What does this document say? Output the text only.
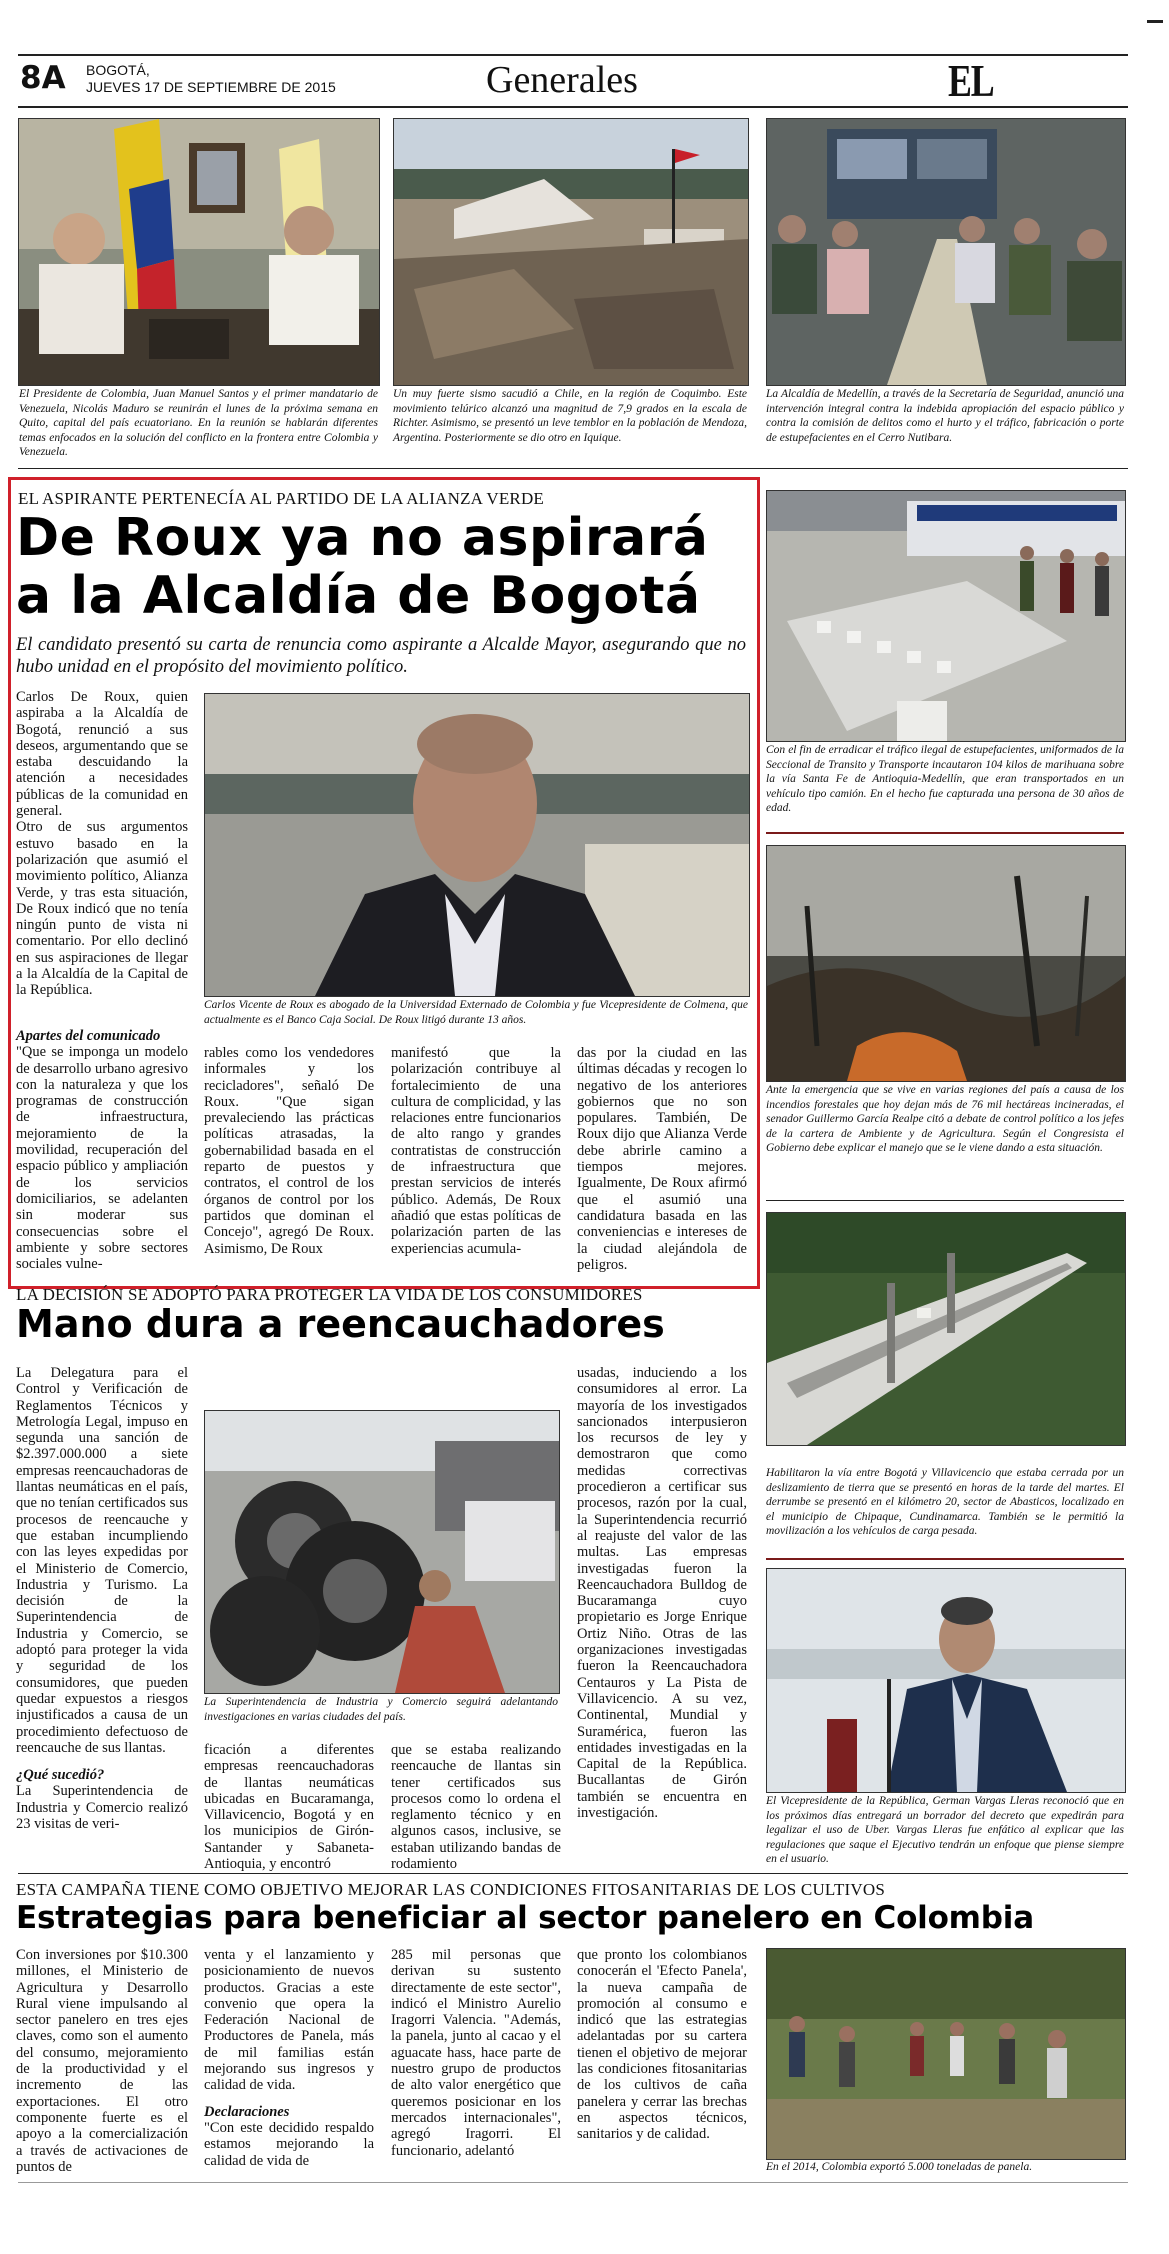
8A BOGOTÁ,
JUEVES 17 DE SEPTIEMBRE DE 2015	Generales	EL
El Presidente de Colombia, Juan Manuel Santos y el primer mandatario de Venezuela, Nicolás Maduro se reunirán el lunes de la próxima semana en Quito, capital del país ecuatoriano. En la reunión se hablarán diferentes temas enfocados en la solución del conflicto en la frontera entre Colombia y Venezuela.
Un muy fuerte sismo sacudió a Chile, en la región de Coquimbo. Este movimiento telúrico alcanzó una magnitud de 7,9 grados en la escala de Richter. Asimismo, se presentó un leve temblor en la población de Mendoza, Argentina. Posteriormente se dio otro en Iquique.
La Alcaldía de Medellín, a través de la Secretaría de Seguridad, anunció una intervención integral contra la indebida apropiación del espacio público y contra la comisión de delitos como el hurto y el tráfico, fabricación o porte de estupefacientes en el Cerro Nutibara.
EL ASPIRANTE PERTENECÍA AL PARTIDO DE LA ALIANZA VERDE
De Roux ya no aspirará
a la Alcaldía de Bogotá
El candidato presentó su carta de renuncia como aspirante a Alcalde Mayor, asegurando que no hubo unidad en el propósito del movimiento político.

Carlos De Roux, quien aspiraba a la Alcaldía de Bogotá, renunció a sus deseos, argumentando que se estaba descuidando la atención a necesidades públicas de la comunidad en general.

Otro de sus argumentos estuvo basado en la polarización que asumió el movimiento político, Alianza Verde, y tras esta situación, De Roux indicó que no tenía ningún punto de vista ni comentario. Por ello declinó en sus aspiraciones de llegar a la Alcaldía de la Capital de la República.

Carlos Vicente de Roux es abogado de la Universidad Externado de Colombia y fue Vicepresidente de Colmena, que actualmente es el Banco Caja Social. De Roux litigó durante 13 años.

Apartes del comunicado

"Que se imponga un modelo de desarrollo urbano agresivo con la naturaleza y que los programas de construcción de infraestructura, mejoramiento de la movilidad, recuperación del espacio público y ampliación de los servicios domiciliarios, se adelanten sin moderar sus consecuencias sobre el ambiente y sobre sectores sociales vulne-

rables como los vendedores informales y los recicladores", señaló De Roux. "Que sigan prevaleciendo las prácticas políticas atrasadas, la gobernabilidad basada en el reparto de puestos y contratos, el control de los órganos de control por los partidos que dominan el Concejo", agregó De Roux. Asimismo, De Roux
manifestó que la polarización contribuye al fortalecimiento de una cultura de complicidad, y las relaciones entre funcionarios de alto rango y grandes contratistas de construcción de infraestructura que prestan servicios de interés público. Además, De Roux añadió que estas políticas de polarización parten de las experiencias acumula-
das por la ciudad en las últimas décadas y recogen lo negativo de los anteriores gobiernos que no son populares. También, De Roux dijo que Alianza Verde debe abrirle camino a tiempos mejores. Igualmente, De Roux afirmó que el asumió una candidatura basada en las conveniencias e intereses de la ciudad alejándola de peligros.
LA DECISIÓN SE ADOPTÓ PARA PROTEGER LA VIDA DE LOS CONSUMIDORES
Mano dura a reencauchadores

La Delegatura para el Control y Verificación de Reglamentos Técnicos y Metrología Legal, impuso en segunda una sanción de $2.397.000.000 a siete empresas reencauchadoras de llantas neumáticas en el país, que no tenían certificados sus procesos de reencauche y que estaban incumpliendo con las leyes expedidas por el Ministerio de Comercio, Industria y Turismo. La decisión de la Superintendencia de Industria y Comercio, se adoptó para proteger la vida y seguridad de los consumidores, que pueden quedar expuestos a riesgos injustificados a causa de un procedimiento defectuoso de reencauche de sus llantas.

¿Qué sucedió?

La Superintendencia de Industria y Comercio realizó 23 visitas de veri-

La Superintendencia de Industria y Comercio seguirá adelantando investigaciones en varias ciudades del país.
ficación a diferentes empresas reencauchadoras de llantas neumáticas ubicadas en Bucaramanga, Villavicencio, Bogotá y en los municipios de Girón-Santander y Sabaneta-Antioquia, y encontró
que se estaba realizando reencauche de llantas sin tener certificados sus procesos como lo ordena el reglamento técnico y en algunos casos, inclusive, se estaban utilizando bandas de rodamiento
usadas, induciendo a los consumidores al error. La mayoría de los investigados sancionados interpusieron los recursos de ley y demostraron que como medidas correctivas procedieron a certificar sus procesos, razón por la cual, la Superintendencia recurrió al reajuste del valor de las multas. Las empresas investigadas fueron la Reencauchadora Bulldog de Bucaramanga cuyo propietario es Jorge Enrique Ortiz Niño. Otras de las organizaciones investigadas fueron la Reencauchadora Centauros y La Pista de Villavicencio. A su vez, Continental, Mundial y Suramérica, fueron las entidades investigadas en la Capital de la República. Bucallantas de Girón también se encuentra en investigación.
ESTA CAMPAÑA TIENE COMO OBJETIVO MEJORAR LAS CONDICIONES FITOSANITARIAS DE LOS CULTIVOS
Estrategias para beneficiar al sector panelero en Colombia
Con inversiones por $10.300 millones, el Ministerio de Agricultura y Desarrollo Rural viene impulsando al sector panelero en tres ejes claves, como son el aumento del consumo, mejoramiento de la productividad y el incremento de las exportaciones. El otro componente fuerte es el apoyo a la comercialización a través de activaciones de puntos de

venta y el lanzamiento y posicionamiento de nuevos productos. Gracias a este convenio que opera la Federación Nacional de Productores de Panela, más de mil familias están mejorando sus ingresos y calidad de vida.

Declaraciones

"Con este decidido respaldo estamos mejorando la calidad de vida de

285 mil personas que derivan su sustento directamente de este sector", indicó el Ministro Aurelio Iragorri Valencia. "Además, la panela, junto al cacao y el aguacate hass, hace parte de nuestro grupo de productos de alto valor energético que queremos posicionar en los mercados internacionales", agregó Iragorri. El funcionario, adelantó
que pronto los colombianos conocerán el 'Efecto Panela', la nueva campaña de promoción al consumo e indicó que las estrategias adelantadas por su cartera tienen el objetivo de mejorar las condiciones fitosanitarias de los cultivos de caña panelera y cerrar las brechas en aspectos técnicos, sanitarios y de calidad.
En el 2014, Colombia exportó 5.000 toneladas de panela.
Con el fin de erradicar el tráfico ilegal de estupefacientes, uniformados de la Seccional de Transito y Transporte incautaron 104 kilos de marihuana sobre la vía Santa Fe de Antioquia-Medellín, que eran transportados en un vehículo tipo camión. En el hecho fue capturada una persona de 30 años de edad.
Ante la emergencia que se vive en varias regiones del país a causa de los incendios forestales que hoy dejan más de 76 mil hectáreas incineradas, el senador Guillermo García Realpe citó a debate de control político a los jefes de la cartera de Ambiente y de Agricultura. Según el Congresista el Gobierno debe explicar el manejo que se le viene dando a esta situación.
Habilitaron la vía entre Bogotá y Villavicencio que estaba cerrada por un deslizamiento de tierra que se presentó en horas de la tarde del martes. El derrumbe se presentó en el kilómetro 20, sector de Abasticos, localizado en el municipio de Chipaque, Cundinamarca. También se le permitió la movilización a los vehículos de carga pesada.
El Vicepresidente de la República, German Vargas Lleras reconoció que en los próximos días entregará un borrador del decreto que expedirán para legalizar el uso de Uber. Vargas Lleras fue enfático al explicar que las regulaciones que saque el Ejecutivo tendrán un enfoque que piense siempre en el usuario.
